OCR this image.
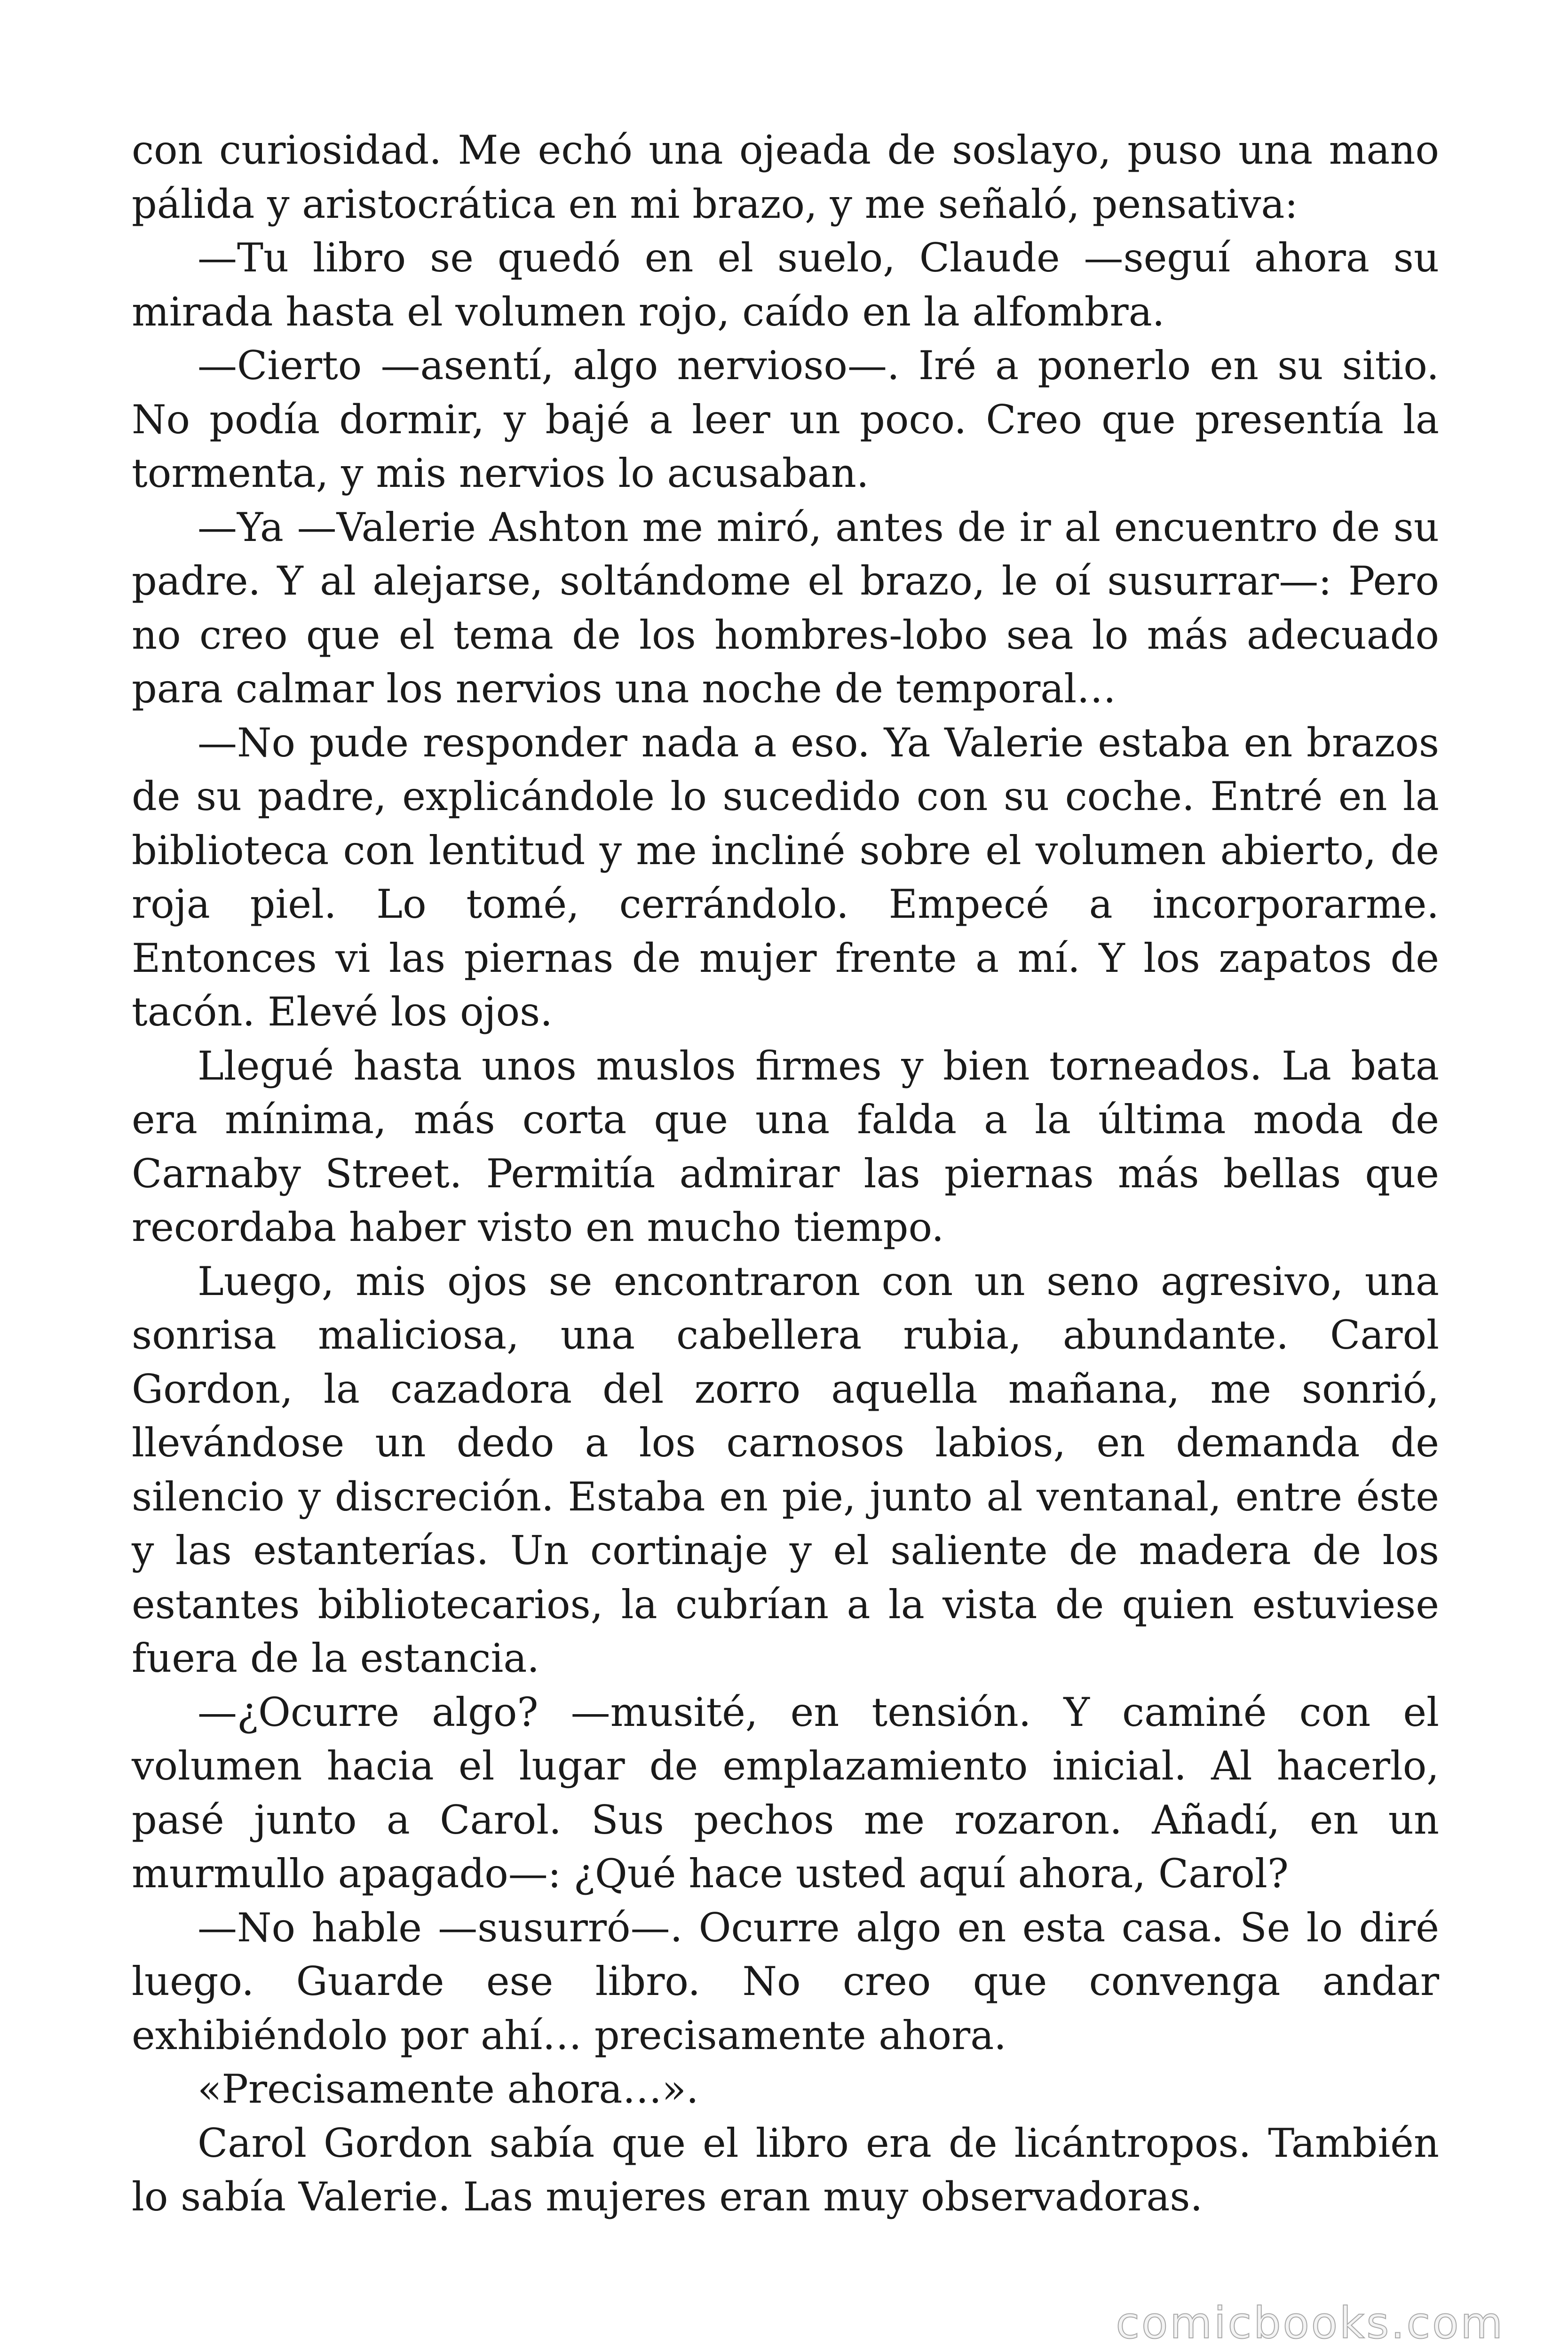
con curiosidad. Me echó una ojeada de soslayo, puso una mano pálida y aristocrática en mi brazo, y me señaló, pensativa:

—Tu libro se quedó en el suelo, Claude —seguí ahora su mirada hasta el volumen rojo, caído en la alfombra.

—Cierto —asentí, algo nervioso—. Iré a ponerlo en su sitio. No podía dormir, y bajé a leer un poco. Creo que presentía la tormenta, y mis nervios lo acusaban.

—Ya —Valerie Ashton me miró, antes de ir al encuentro de su padre. Y al alejarse, soltándome el brazo, le oí susurrar—: Pero no creo que el tema de los hombres-lobo sea lo más adecuado para calmar los nervios una noche de temporal…

—No pude responder nada a eso. Ya Valerie estaba en brazos de su padre, explicándole lo sucedido con su coche. Entré en la biblioteca con lentitud y me incliné sobre el volumen abierto, de roja piel. Lo tomé, cerrándolo. Empecé a incorporarme. Entonces vi las piernas de mujer frente a mí. Y los zapatos de tacón. Elevé los ojos.

Llegué hasta unos muslos firmes y bien torneados. La bata era mínima, más corta que una falda a la última moda de Carnaby Street. Permitía admirar las piernas más bellas que recordaba haber visto en mucho tiempo.

Luego, mis ojos se encontraron con un seno agresivo, una sonrisa maliciosa, una cabellera rubia, abundante. Carol Gordon, la cazadora del zorro aquella mañana, me sonrió, llevándose un dedo a los carnosos labios, en demanda de silencio y discreción. Estaba en pie, junto al ventanal, entre éste y las estanterías. Un cortinaje y el saliente de madera de los estantes bibliotecarios, la cubrían a la vista de quien estuviese fuera de la estancia.

—¿Ocurre algo? —musité, en tensión. Y caminé con el volumen hacia el lugar de emplazamiento inicial. Al hacerlo, pasé junto a Carol. Sus pechos me rozaron. Añadí, en un murmullo apagado—: ¿Qué hace usted aquí ahora, Carol?

—No hable —susurró—. Ocurre algo en esta casa. Se lo diré luego. Guarde ese libro. No creo que convenga andar exhibiéndolo por ahí… precisamente ahora.

«Precisamente ahora…».

Carol Gordon sabía que el libro era de licántropos. También lo sabía Valerie. Las mujeres eran muy observadoras.

comicbooks.com
